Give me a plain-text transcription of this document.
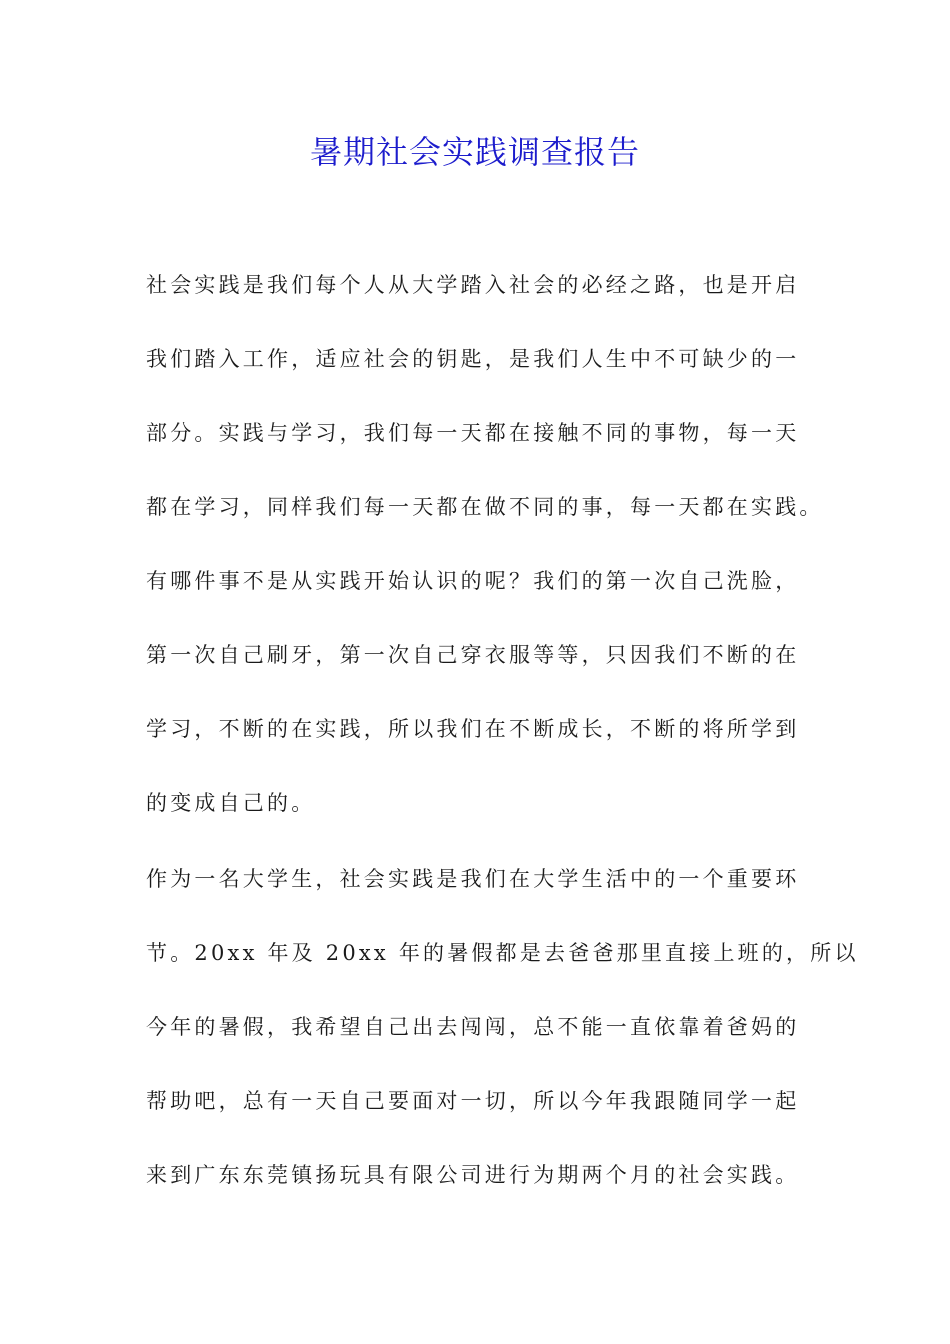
暑期社会实践调查报告

社会实践是我们每个人从大学踏入社会的必经之路，也是开启

我们踏入工作，适应社会的钥匙，是我们人生中不可缺少的一

部分。实践与学习，我们每一天都在接触不同的事物，每一天

都在学习，同样我们每一天都在做不同的事，每一天都在实践。

有哪件事不是从实践开始认识的呢？我们的第一次自己洗脸，

第一次自己刷牙，第一次自己穿衣服等等，只因我们不断的在

学习，不断的在实践，所以我们在不断成长，不断的将所学到

的变成自己的。

作为一名大学生，社会实践是我们在大学生活中的一个重要环

节。20xx 年及 20xx 年的暑假都是去爸爸那里直接上班的，所以

今年的暑假，我希望自己出去闯闯，总不能一直依靠着爸妈的

帮助吧，总有一天自己要面对一切，所以今年我跟随同学一起

来到广东东莞镇扬玩具有限公司进行为期两个月的社会实践。
